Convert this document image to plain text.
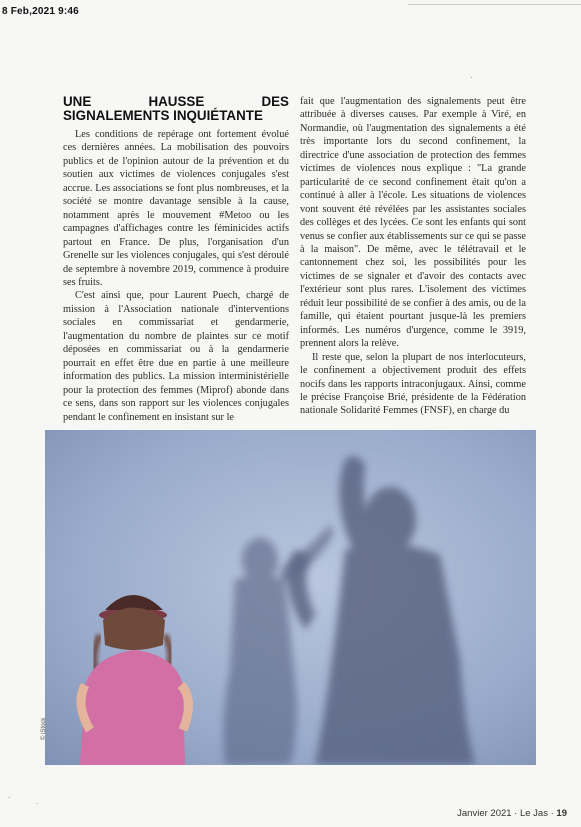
8 Feb,2021 9:46
UNE HAUSSE DES SIGNALEMENTS INQUIÉTANTE

Les conditions de repérage ont fortement évolué ces dernières années. La mobilisation des pouvoirs publics et de l'opinion autour de la prévention et du soutien aux victimes de violences conjugales s'est accrue. Les associations se font plus nombreuses, et la société se montre davantage sensible à la cause, notamment après le mouvement #Metoo ou les campagnes d'affichages contre les féminicides actifs partout en France. De plus, l'organisation d'un Grenelle sur les violences conjugales, qui s'est déroulé de septembre à novembre 2019, commence à produire ses fruits.

C'est ainsi que, pour Laurent Puech, chargé de mission à l'Association nationale d'interventions sociales en commissariat et gendarmerie, l'augmentation du nombre de plaintes sur ce motif déposées en commissariat ou à la gendarmerie pourrait en effet être due en partie à une meilleure information des publics. La mission interministérielle pour la protection des femmes (Miprof) abonde dans ce sens, dans son rapport sur les violences conjugales pendant le confinement en insistant sur le

fait que l'augmentation des signalements peut être attribuée à diverses causes. Par exemple à Viré, en Normandie, où l'augmentation des signalements a été très importante lors du second confinement, la directrice d'une association de protection des femmes victimes de violences nous explique : "La grande particularité de ce second confinement était qu'on a continué à aller à l'école. Les situations de violences vont souvent été révélées par les assistantes sociales des collèges et des lycées. Ce sont les enfants qui sont venus se confier aux établissements sur ce qui se passe à la maison". De même, avec le télétravail et le cantonnement chez soi, les possibilités pour les victimes de se signaler et d'avoir des contacts avec l'extérieur sont plus rares. L'isolement des victimes réduit leur possibilité de se confier à des amis, ou de la famille, qui étaient pourtant jusque-là les premiers informés. Les numéros d'urgence, comme le 3919, prennent alors la relève.

Il reste que, selon la plupart de nos interlocuteurs, le confinement a objectivement produit des effets nocifs dans les rapports intraconjugaux. Ainsi, comme le précise Françoise Brié, présidente de la Fédération nationale Solidarité Femmes (FNSF), en charge du

© iStock
Janvier 2021 · Le Jas · 19
·
·
·
